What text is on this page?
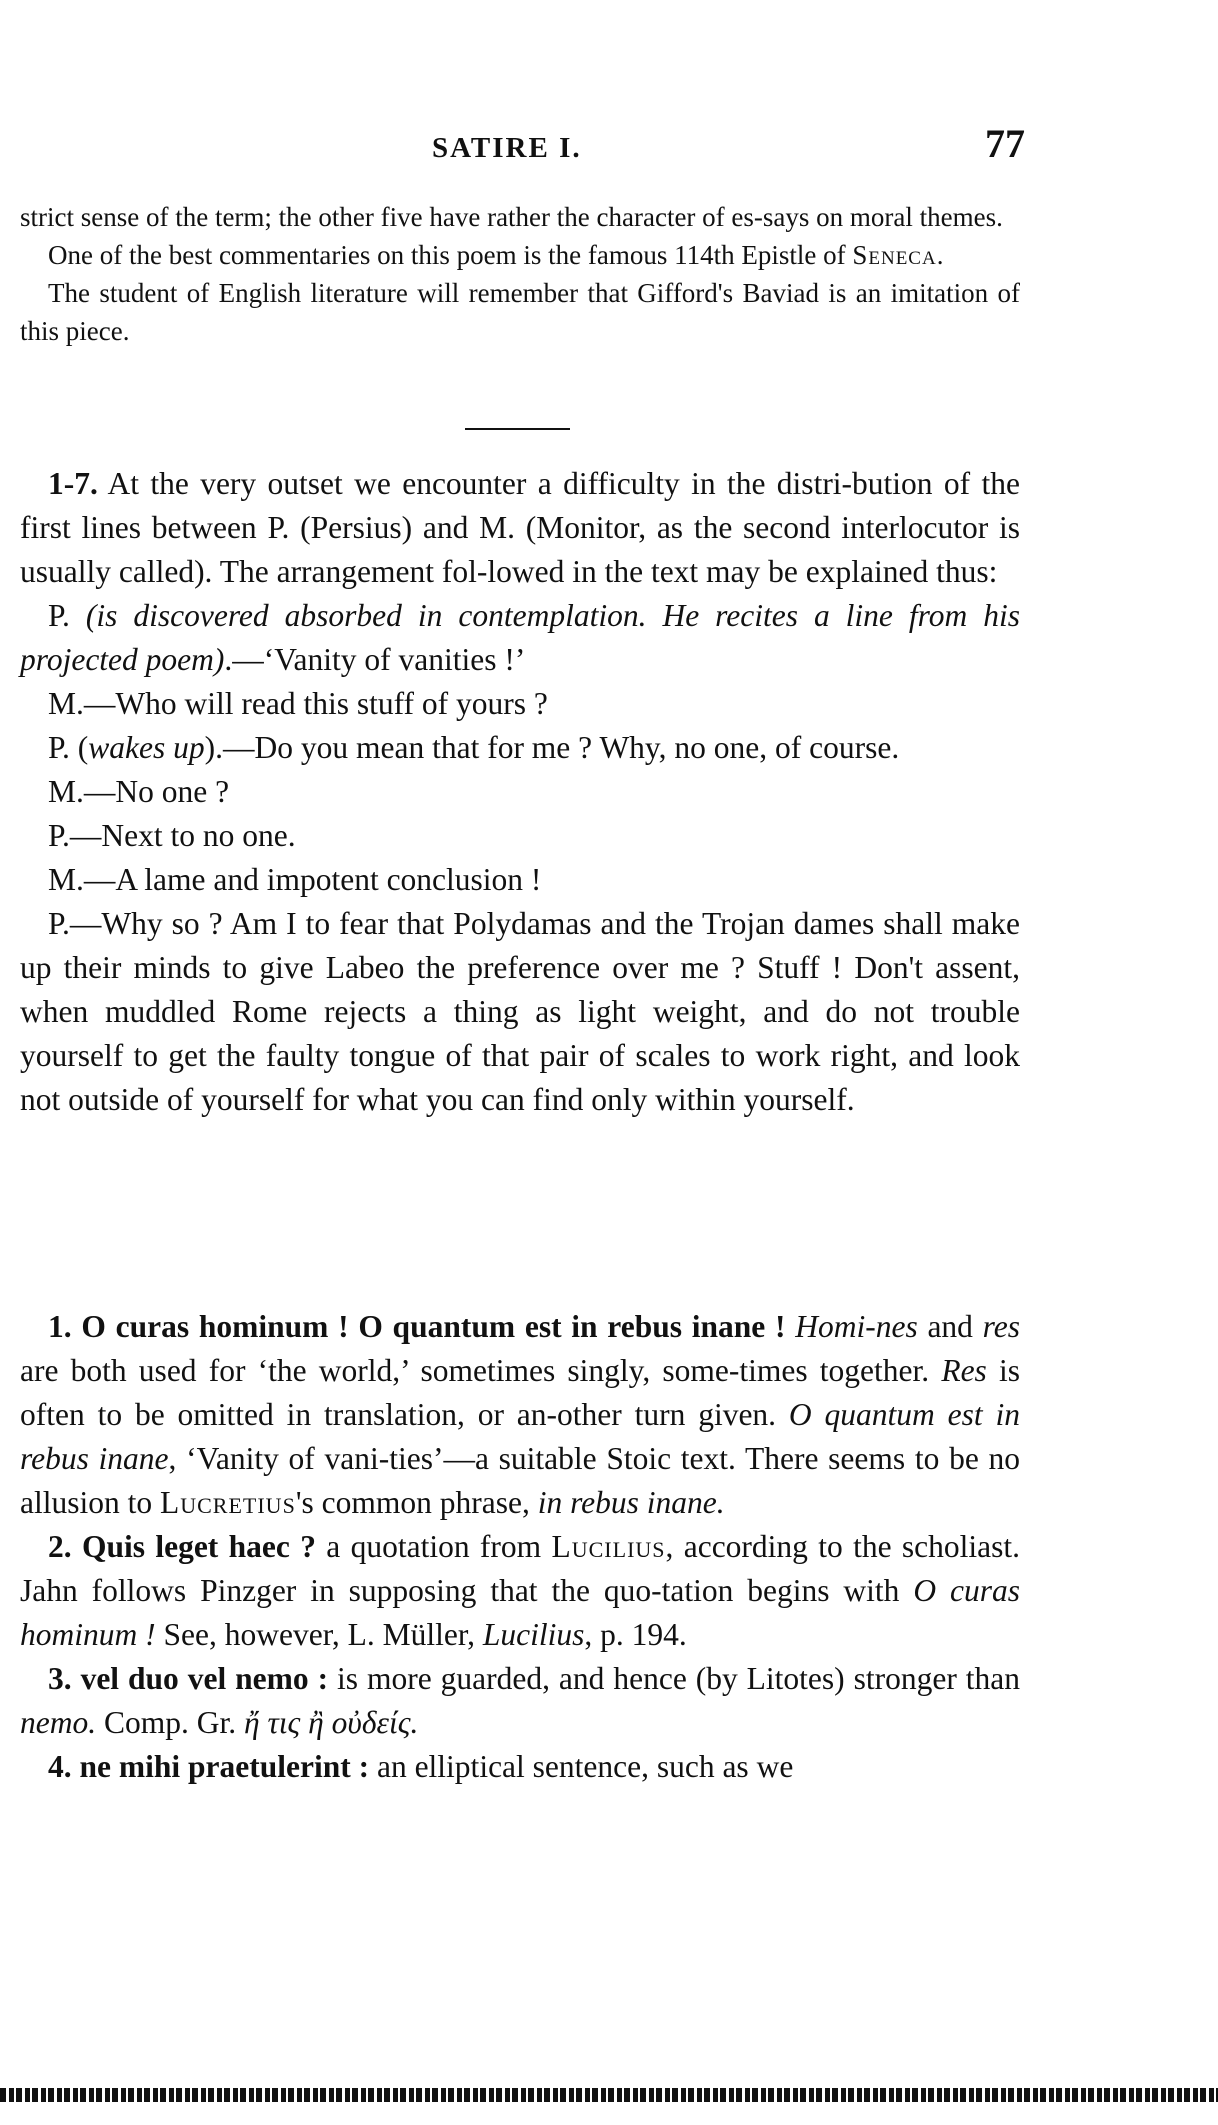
SATIRE I.	77

strict sense of the term; the other five have rather the character of es-says on moral themes.

One of the best commentaries on this poem is the famous 114th Epistle of Seneca.

The student of English literature will remember that Gifford's Baviad is an imitation of this piece.

1-7. At the very outset we encounter a difficulty in the distri-bution of the first lines between P. (Persius) and M. (Monitor, as the second interlocutor is usually called). The arrangement fol-lowed in the text may be explained thus:

P. (is discovered absorbed in contemplation. He recites a line from his projected poem).—‘Vanity of vanities !’

M.—Who will read this stuff of yours ?

P. (wakes up).—Do you mean that for me ? Why, no one, of course.

M.—No one ?

P.—Next to no one.

M.—A lame and impotent conclusion !

P.—Why so ? Am I to fear that Polydamas and the Trojan dames shall make up their minds to give Labeo the preference over me ? Stuff ! Don't assent, when muddled Rome rejects a thing as light weight, and do not trouble yourself to get the faulty tongue of that pair of scales to work right, and look not outside of yourself for what you can find only within yourself.

1. O curas hominum ! O quantum est in rebus inane ! Homi-nes and res are both used for ‘the world,’ sometimes singly, some-times together. Res is often to be omitted in translation, or an-other turn given. O quantum est in rebus inane, ‘Vanity of vani-ties’—a suitable Stoic text. There seems to be no allusion to Lucretius's common phrase, in rebus inane.

2. Quis leget haec ? a quotation from Lucilius, according to the scholiast. Jahn follows Pinzger in supposing that the quo-tation begins with O curas hominum ! See, however, L. Müller, Lucilius, p. 194.

3. vel duo vel nemo : is more guarded, and hence (by Litotes) stronger than nemo. Comp. Gr. ἤ τις ἢ οὐδείς.

4. ne mihi praetulerint : an elliptical sentence, such as we
